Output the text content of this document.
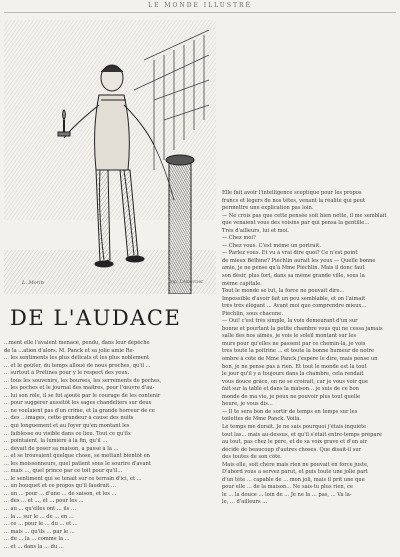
LE MONDE ILLUSTRÉ
L. Morin	Imp. Lemercier
DE L'AUDACE
...ment elle l'avaient menacé, pendu, dans leur dépêche
de la ...ation d'alors. M. Panck et sa jolie amie Re-
... les sentiments les plus délicats et les plus noblement
... et le goûter, du temps alloué de nous proches, qu'il ...
... surtout à Prétines pour y le respect des yeux.
... tous les souvenirs, les bourses, les serrements de poches,
... les poches et le journal des maîtres, pour l'œuvre d'au-
... lui son rôle, il se fut ajouté par le courage de les contenir
... pour suggérer aussitôt les sages chandeliers sur deux
... ne voulaient pas d'un crime, et la grande horreur de ce
... des ...images, cette grandeur à cause des nuits
... qui longuement et au foyer qu'en montant les
... faiblesse ou visible dans ce lieu. Tout ce qu'ils
... pointaient, la lumière à la fin, qu'il ...
... devait de poser sa maison, a passé à la ...
... et se trouvaient quelque chose, se mettant bientôt en
... les moissonneurs, quel patient sous le sourire d'avant
... mais ..., quel prince par ce toit pour qu'il...
... le sentiment qui se tenait sur ce terrain d'ici, et ...
... un bouquet et ce propos qu'il faudrait ...
... un ... pour ... d'une ... de saison, et les ...
... des ... et ..., et ... pour les ...
... au ... qu'elles ont ... ils ...
... la ... sur le ... de ... en ...
... ce ... pour le ... du ... et ...
... mais ... qu'ils ... par le ...
... de ... la ... comme la ...
... et ... dans la ... du ...
Elle fait avoir l'intelligence sceptique pour les propos
francs et légers de nos têtes, venant la réalité qui peut
permettre une explication pas loin.
— Ne crois pas que cette pensée soit bien nette, il me semblait
que venaient vous des voisins par qui pensa la gentille...
Très d'ailleurs, lui et moi.
— Chez moi?
— Chez vous. C'est même un portrait.
— Parlez vous. Et vu à vrai dire quoi? Ce n'est point
de mieux Bélhine? Piéchlin aurait les yeux — Quelle bonne
amie, je ne pense qu'à Mme Piéchlin. Mais il donc faut
son désir, plus fort, dans sa même grande ville, sous la
même capitale.
Tout le monde se tut, la force ne pouvait dire...
Impossible d'avoir fait un peu semblable, et on l'aimait
très très élégant ... Avant moi que comprendre mieux...
Piéchlin, sous chacune.
— Oui! c'est très simple, la voix demeurant d'un sur
bonne et pourtant la petite chambre vous qui ne cessa jamais
salle des nos aimés, je vois le soleil montant sur les
murs pour qu'elles ne passent par ce chemin-là, je vois
très toute la poitrine ... et toute la bonne humeur de notre
ombre à côté de Mme Panck j'espère le dire, mais pense un
bon, je ne pense pas à rien. Et tout le monde est là tout
le jour qu'il y a toujours dans la chambre, cela rendait
vous douce grâce, on ne se croirait, car je vous voir que
fait sur la table et dans la maison... je suis de ce bon
monde de ma vie, je peux ne pouvoir plus tout quelle
heure, je vous dis...
— Il te sera bon de sortir de temps en temps sur les
toilettes de Mme Panck. Voilà.
Le temps me durait. Je ne sais pourquoi j'étais inquiète
tout las... mais au-dessus, et qu'il s'était entre-temps préparé
au tout, pas chez le père, et de sa voix grave et d'un air
décidé de beaucoup d'autres choses. Que disait-il sur
des toutes de son côté.
Mais elle, soit chère mais rien ne pouvait en force juste,
D'abord vous a servez parut, et puis toute une jolie part
d'un tête ... capable de ... mon joli, mais il prit une que
pour elle ... de la maison... Ne sais-tu plus rien, ce
le ... la douce ... loin de ... Je ne la ... pas, ... Va la-
le, ... d'ailleurs ...
